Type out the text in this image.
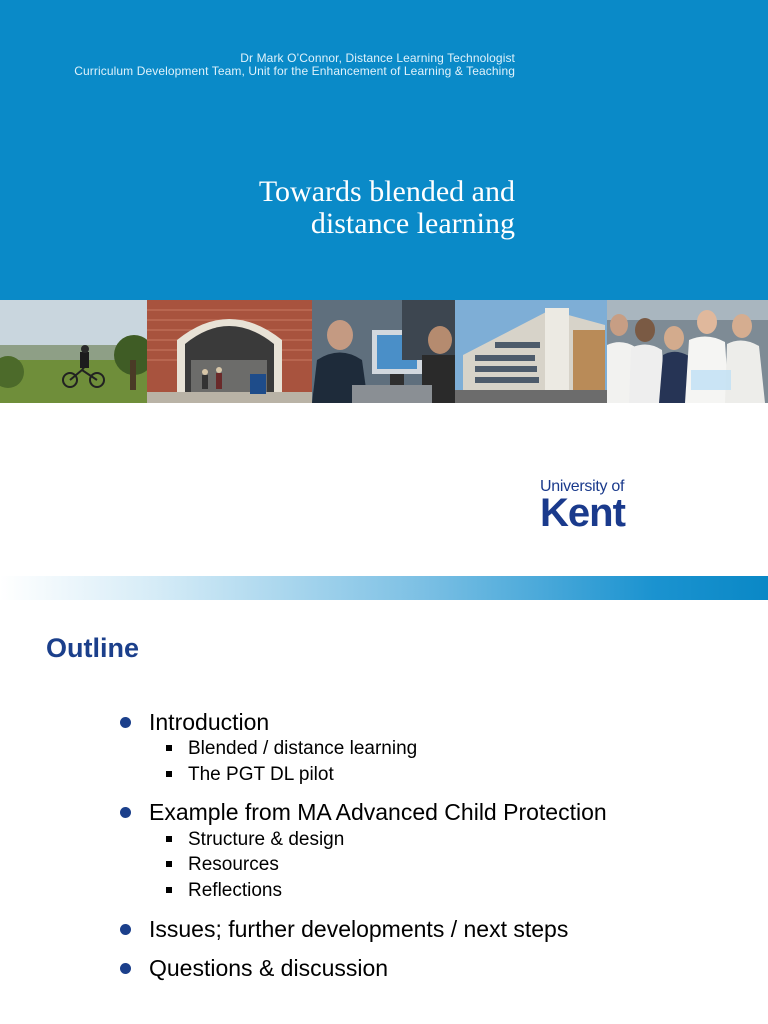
Dr Mark O’Connor, Distance Learning Technologist
Curriculum Development Team, Unit for the Enhancement of Learning & Teaching
Towards blended and
distance learning
University of
Kent
Outline
Introduction
Blended / distance learning
The PGT DL pilot
Example from MA Advanced Child Protection
Structure & design
Resources
Reflections
Issues; further developments / next steps
Questions & discussion
